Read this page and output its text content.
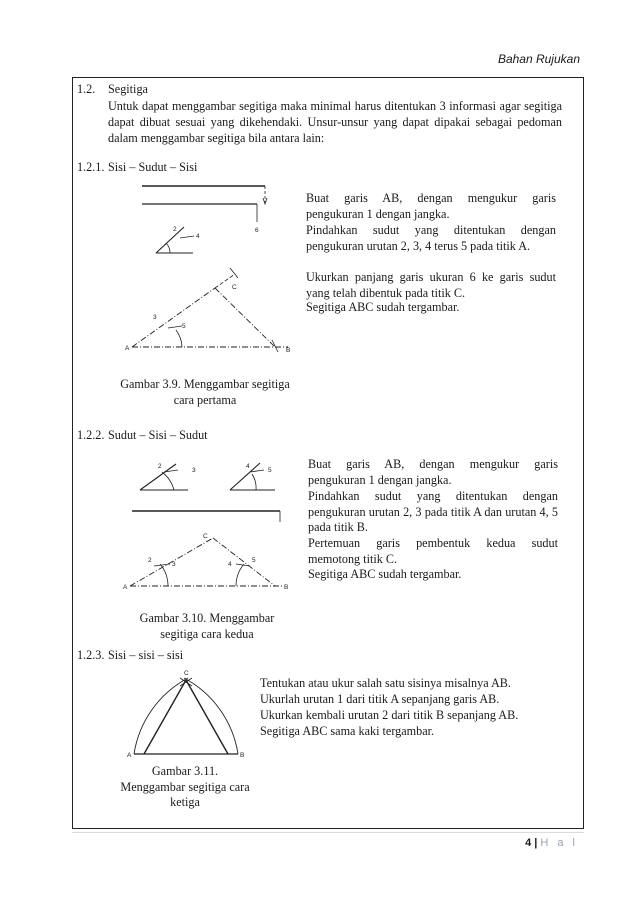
Bahan Rujukan
1.2. Segitiga
Untuk dapat menggambar segitiga maka minimal harus ditentukan 3 informasi agar segitiga dapat dibuat sesuai yang dikehendaki. Unsur-unsur yang dapat dipakai sebagai pedoman dalam menggambar segitiga bila antara lain:
1.2.1. Sisi – Sudut – Sisi
6
2
4
A	B
C
3
5
Buat garis AB, dengan mengukur garis pengukuran 1 dengan jangka.
Pindahkan sudut yang ditentukan dengan pengukuran urutan 2, 3, 4 terus 5 pada titik A.
Ukurkan panjang garis ukuran 6 ke garis sudut yang telah dibentuk pada titik C.
Segitiga ABC sudah tergambar.
Gambar 3.9. Menggambar segitiga cara pertama
1.2.2. Sudut – Sisi – Sudut
2
3
4
5
A	B
C
2
3	4
5
Buat garis AB, dengan mengukur garis pengukuran 1 dengan jangka.
Pindahkan sudut yang ditentukan dengan pengukuran urutan 2, 3 pada titik A dan urutan 4, 5 pada titik B.
Pertemuan garis pembentuk kedua sudut memotong titik C.
Segitiga ABC sudah tergambar.
Gambar 3.10. Menggambar segitiga cara kedua
1.2.3. Sisi – sisi – sisi
A	B
C
Tentukan atau ukur salah satu sisinya misalnya AB.
Ukurlah urutan 1 dari titik A sepanjang garis AB.
Ukurkan kembali urutan 2 dari titik B sepanjang AB.
Segitiga ABC sama kaki tergambar.
Gambar 3.11. Menggambar segitiga cara ketiga
4 | H a l
